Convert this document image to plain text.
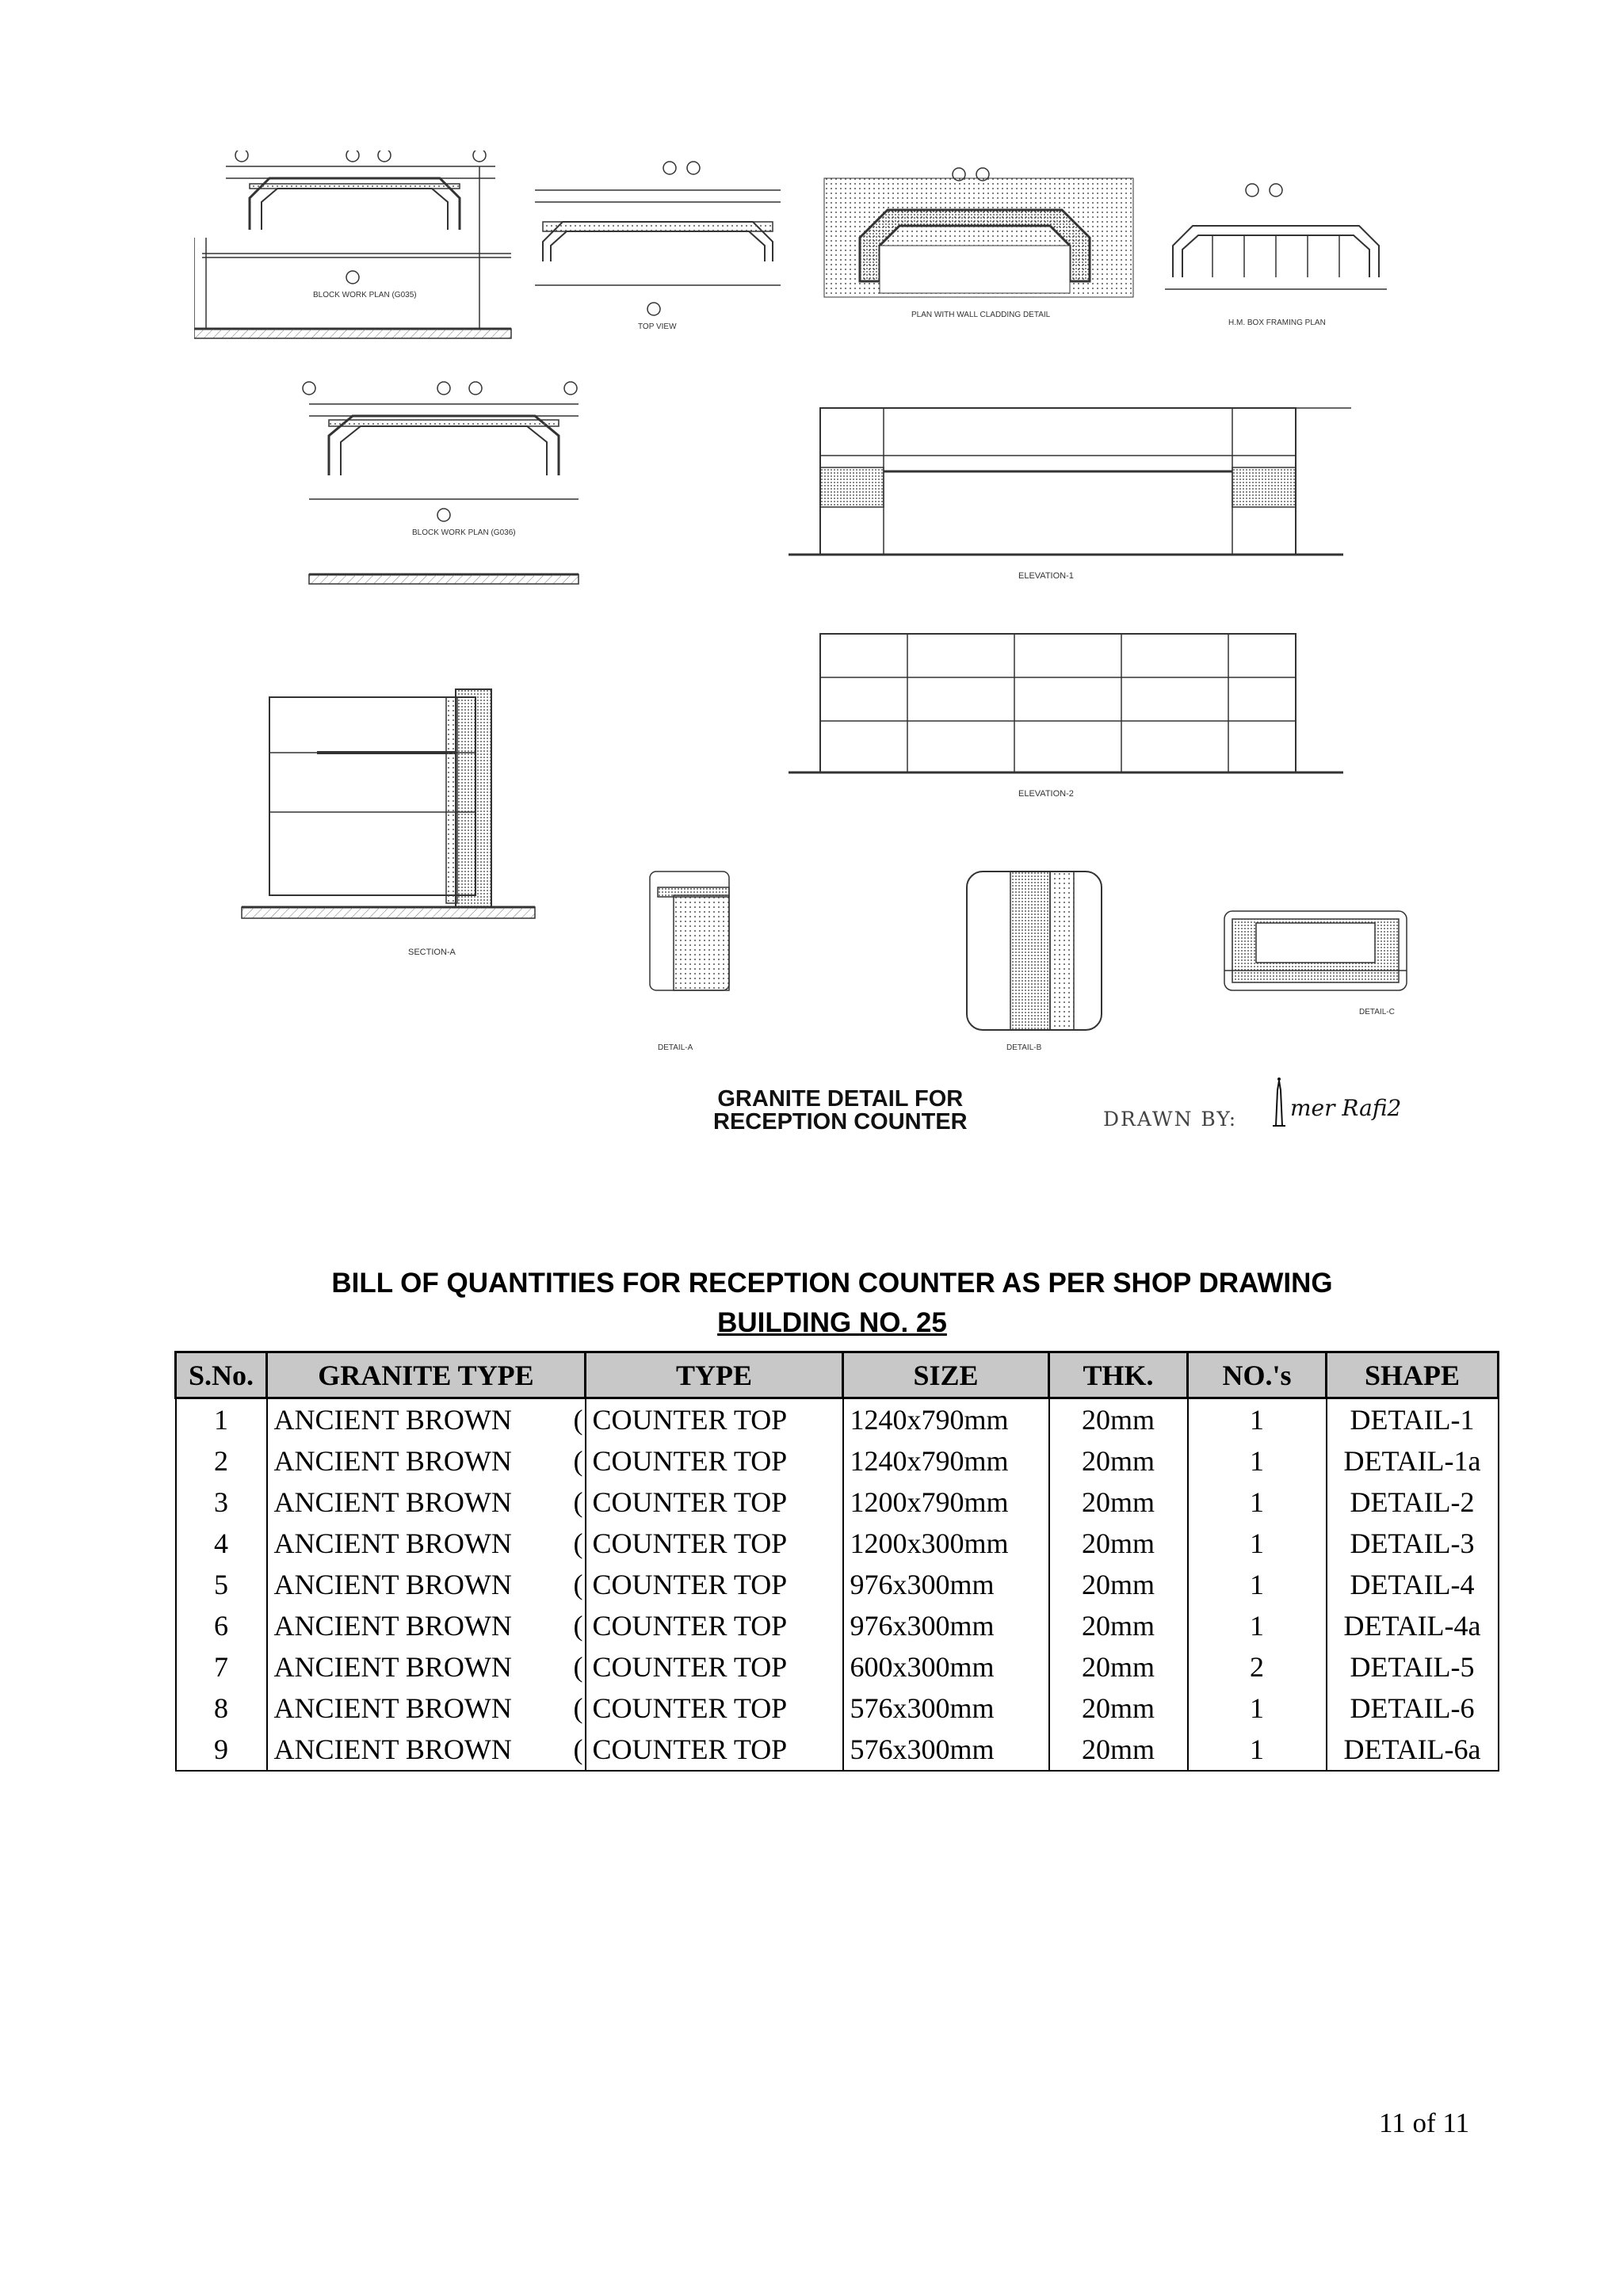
BLOCK WORK PLAN (G035)
TOP VIEW
PLAN WITH WALL CLADDING DETAIL
H.M. BOX FRAMING PLAN
BLOCK WORK PLAN (G036)
ELEVATION-1
ELEVATION-2
SECTION-A
DETAIL-A	DETAIL-B
DETAIL-C
GRANITE DETAIL FOR
RECEPTION COUNTER	DRAWN BY: mer Rafi2
BILL OF QUANTITIES FOR RECEPTION COUNTER AS PER SHOP DRAWING
BUILDING NO. 25
S.No.	GRANITE TYPE	TYPE	SIZE	THK.	NO.'s	SHAPE
1	ANCIENT BROWN (	COUNTER TOP	1240x790mm	20mm	1	DETAIL-1
2	ANCIENT BROWN (	COUNTER TOP	1240x790mm	20mm	1	DETAIL-1a
3	ANCIENT BROWN (	COUNTER TOP	1200x790mm	20mm	1	DETAIL-2
4	ANCIENT BROWN (	COUNTER TOP	1200x300mm	20mm	1	DETAIL-3
5	ANCIENT BROWN (	COUNTER TOP	976x300mm	20mm	1	DETAIL-4
6	ANCIENT BROWN (	COUNTER TOP	976x300mm	20mm	1	DETAIL-4a
7	ANCIENT BROWN (	COUNTER TOP	600x300mm	20mm	2	DETAIL-5
8	ANCIENT BROWN (	COUNTER TOP	576x300mm	20mm	1	DETAIL-6
9	ANCIENT BROWN (	COUNTER TOP	576x300mm	20mm	1	DETAIL-6a
11 of 11
